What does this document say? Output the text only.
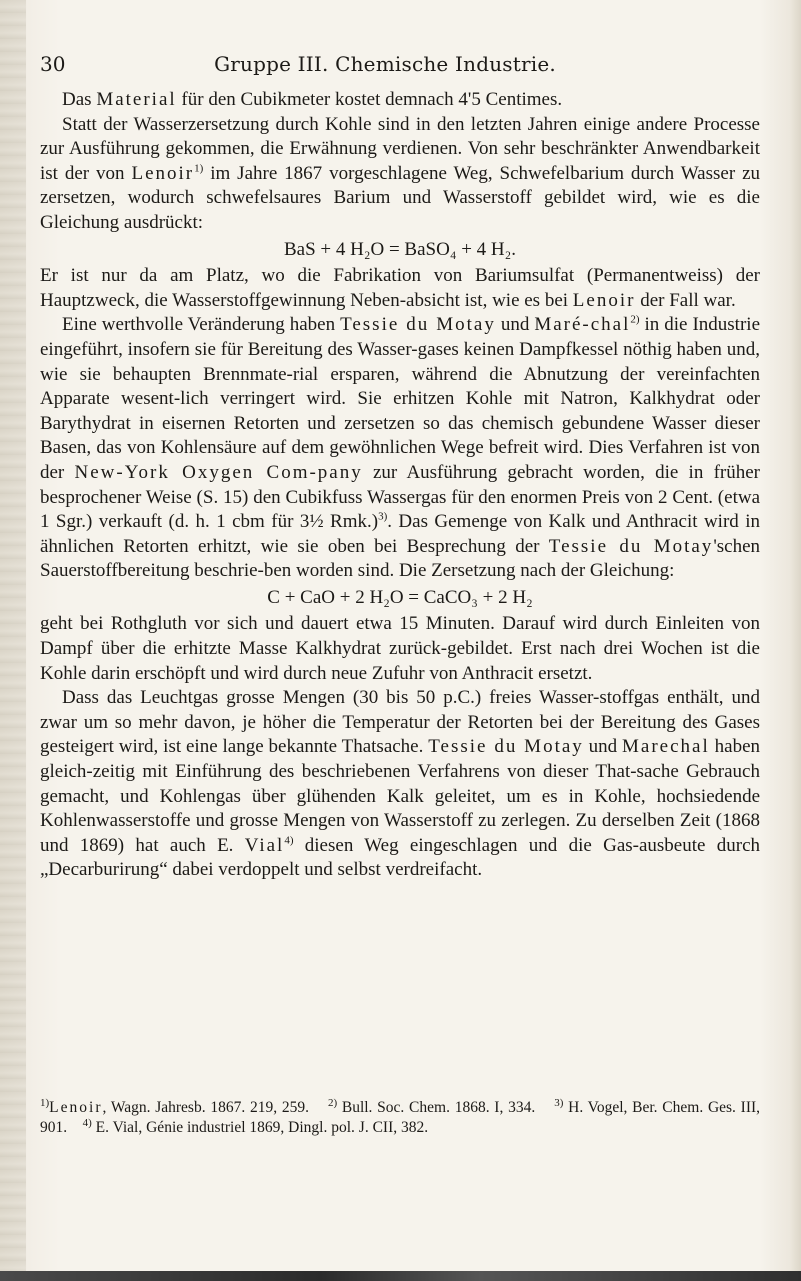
30	Gruppe III. Chemische Industrie.

Das Material für den Cubikmeter kostet demnach 4'5 Centimes.

Statt der Wasserzersetzung durch Kohle sind in den letzten Jahren einige andere Processe zur Ausführung gekommen, die Erwähnung verdienen. Von sehr beschränkter Anwendbarkeit ist der von Lenoir$^{1)}$ im Jahre 1867 vorgeschlagene Weg, Schwefelbarium durch Wasser zu zersetzen, wodurch schwefelsaures Barium und Wasserstoff gebildet wird, wie es die Gleichung ausdrückt:

BaS + 4 H₂O = BaSO₄ + 4 H₂.

Er ist nur da am Platz, wo die Fabrikation von Bariumsulfat (Permanentweiss) der Hauptzweck, die Wasserstoffgewinnung Neben-absicht ist, wie es bei Lenoir der Fall war.

Eine werthvolle Veränderung haben Tessie du Motay und Maré-chal$^{2)}$ in die Industrie eingeführt, insofern sie für Bereitung des Wasser-gases keinen Dampfkessel nöthig haben und, wie sie behaupten Brennmate-rial ersparen, während die Abnutzung der vereinfachten Apparate wesent-lich verringert wird. Sie erhitzen Kohle mit Natron, Kalkhydrat oder Barythydrat in eisernen Retorten und zersetzen so das chemisch gebundene Wasser dieser Basen, das von Kohlensäure auf dem gewöhnlichen Wege befreit wird. Dies Verfahren ist von der New-York Oxygen Com-pany zur Ausführung gebracht worden, die in früher besprochener Weise (S. 15) den Cubikfuss Wassergas für den enormen Preis von 2 Cent. (etwa 1 Sgr.) verkauft (d. h. 1 cbm für 3½ Rmk.)$^{3)}$. Das Gemenge von Kalk und Anthracit wird in ähnlichen Retorten erhitzt, wie sie oben bei Besprechung der Tessie du Motay'schen Sauerstoffbereitung beschrie-ben worden sind. Die Zersetzung nach der Gleichung:

C + CaO + 2 H₂O = CaCO₃ + 2 H₂

geht bei Rothgluth vor sich und dauert etwa 15 Minuten. Darauf wird durch Einleiten von Dampf über die erhitzte Masse Kalkhydrat zurück-gebildet. Erst nach drei Wochen ist die Kohle darin erschöpft und wird durch neue Zufuhr von Anthracit ersetzt.

Dass das Leuchtgas grosse Mengen (30 bis 50 p.C.) freies Wasser-stoffgas enthält, und zwar um so mehr davon, je höher die Temperatur der Retorten bei der Bereitung des Gases gesteigert wird, ist eine lange bekannte Thatsache. Tessie du Motay und Marechal haben gleich-zeitig mit Einführung des beschriebenen Verfahrens von dieser That-sache Gebrauch gemacht, und Kohlengas über glühenden Kalk geleitet, um es in Kohle, hochsiedende Kohlenwasserstoffe und grosse Mengen von Wasserstoff zu zerlegen. Zu derselben Zeit (1868 und 1869) hat auch E. Vial$^{4)}$ diesen Weg eingeschlagen und die Gas-ausbeute durch „Decarburirung“ dabei verdoppelt und selbst verdreifacht.

$^{1)}$Lenoir, Wagn. Jahresb. 1867. 219, 259. $^{2)}$ Bull. Soc. Chem. 1868. I, 334. $^{3)}$ H. Vogel, Ber. Chem. Ges. III, 901. $^{4)}$ E. Vial, Génie industriel 1869, Dingl. pol. J. CII, 382.
